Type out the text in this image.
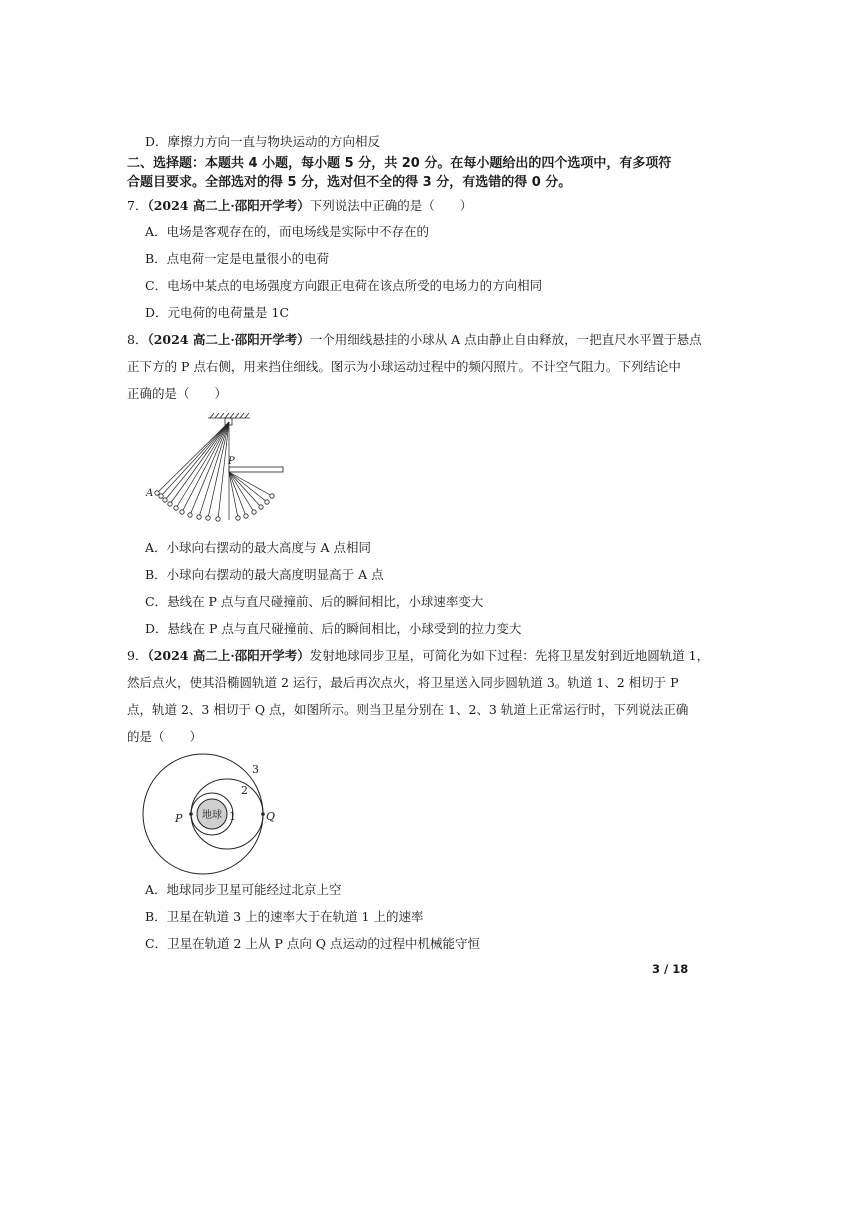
D．摩擦力方向一直与物块运动的方向相反
二、选择题：本题共 4 小题，每小题 5 分，共 20 分。在每小题给出的四个选项中，有多项符
合题目要求。全部选对的得 5 分，选对但不全的得 3 分，有选错的得 0 分。
7．（2024 高二上·邵阳开学考）下列说法中正确的是（　　）
A．电场是客观存在的，而电场线是实际中不存在的
B．点电荷一定是电量很小的电荷
C．电场中某点的电场强度方向跟正电荷在该点所受的电场力的方向相同
D．元电荷的电荷量是 1C
8．（2024 高二上·邵阳开学考）一个用细线悬挂的小球从 A 点由静止自由释放，一把直尺水平置于悬点
正下方的 P 点右侧，用来挡住细线。图示为小球运动过程中的频闪照片。不计空气阻力。下列结论中
正确的是（　　）
P
A
A．小球向右摆动的最大高度与 A 点相同
B．小球向右摆动的最大高度明显高于 A 点
C．悬线在 P 点与直尺碰撞前、后的瞬间相比，小球速率变大
D．悬线在 P 点与直尺碰撞前、后的瞬间相比，小球受到的拉力变大
9．（2024 高二上·邵阳开学考）发射地球同步卫星，可简化为如下过程：先将卫星发射到近地圆轨道 1，
然后点火，使其沿椭圆轨道 2 运行，最后再次点火，将卫星送入同步圆轨道 3。轨道 1、2 相切于 P
点，轨道 2、3 相切于 Q 点，如图所示。则当卫星分别在 1、2、3 轨道上正常运行时，下列说法正确
的是（　　）
地球
P	Q
3
2
1
A．地球同步卫星可能经过北京上空
B．卫星在轨道 3 上的速率大于在轨道 1 上的速率
C．卫星在轨道 2 上从 P 点向 Q 点运动的过程中机械能守恒
3 / 18
